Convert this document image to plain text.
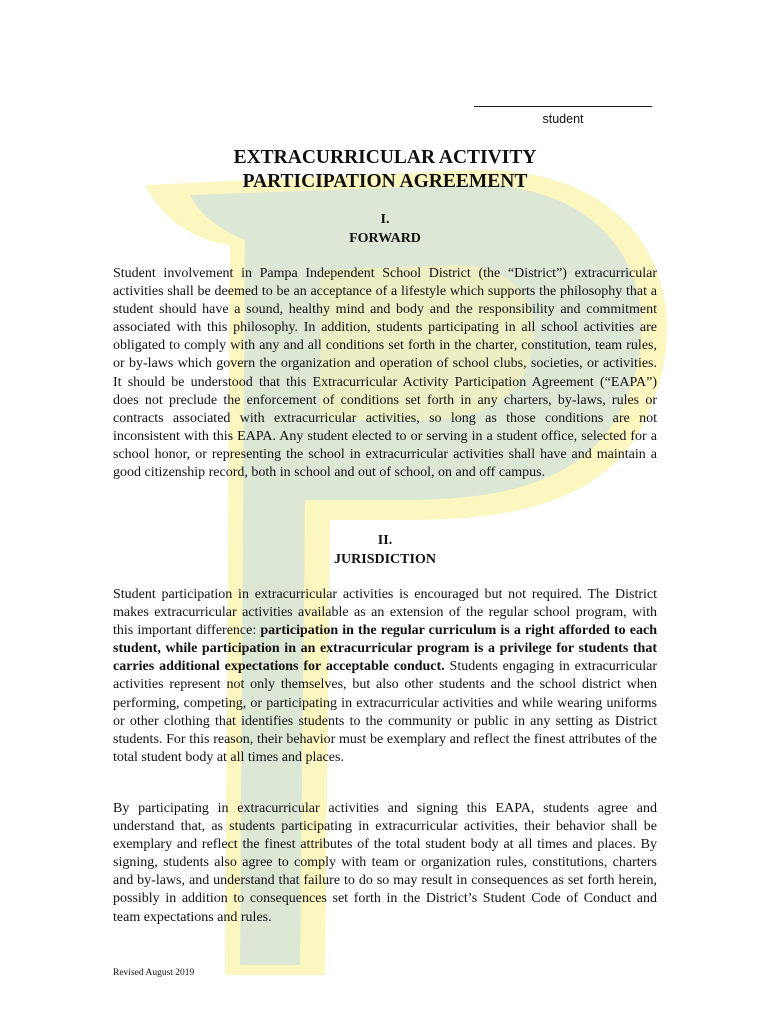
student
EXTRACURRICULAR ACTIVITY
PARTICIPATION AGREEMENT
I.
FORWARD

Student involvement in Pampa Independent School District (the “District”) extracurricular activities shall be deemed to be an acceptance of a lifestyle which supports the philosophy that a student should have a sound, healthy mind and body and the responsibility and commitment associated with this philosophy. In addition, students participating in all school activities are obligated to comply with any and all conditions set forth in the charter, constitution, team rules, or by-laws which govern the organization and operation of school clubs, societies, or activities. It should be understood that this Extracurricular Activity Participation Agreement (“EAPA”) does not preclude the enforcement of conditions set forth in any charters, by-laws, rules or contracts associated with extracurricular activities, so long as those conditions are not inconsistent with this EAPA. Any student elected to or serving in a student office, selected for a school honor, or representing the school in extracurricular activities shall have and maintain a good citizenship record, both in school and out of school, on and off campus.

II.
JURISDICTION

Student participation in extracurricular activities is encouraged but not required. The District makes extracurricular activities available as an extension of the regular school program, with this important difference: participation in the regular curriculum is a right afforded to each student, while participation in an extracurricular program is a privilege for students that carries additional expectations for acceptable conduct. Students engaging in extracurricular activities represent not only themselves, but also other students and the school district when performing, competing, or participating in extracurricular activities and while wearing uniforms or other clothing that identifies students to the community or public in any setting as District students. For this reason, their behavior must be exemplary and reflect the finest attributes of the total student body at all times and places.

By participating in extracurricular activities and signing this EAPA, students agree and understand that, as students participating in extracurricular activities, their behavior shall be exemplary and reflect the finest attributes of the total student body at all times and places. By signing, students also agree to comply with team or organization rules, constitutions, charters and by-laws, and understand that failure to do so may result in consequences as set forth herein, possibly in addition to consequences set forth in the District’s Student Code of Conduct and team expectations and rules.

Revised August 2019
